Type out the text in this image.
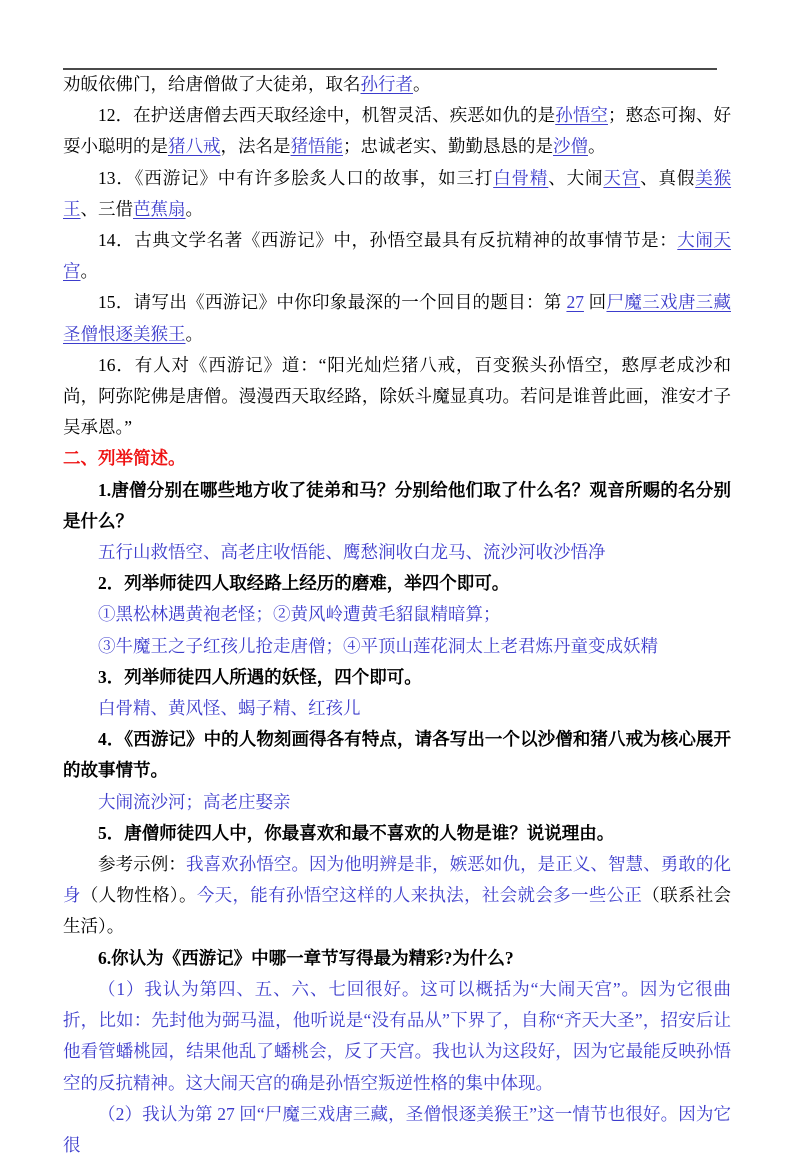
劝皈依佛门，给唐僧做了大徒弟，取名孙行者。

12．在护送唐僧去西天取经途中，机智灵活、疾恶如仇的是孙悟空；憨态可掬、好耍小聪明的是猪八戒，法名是猪悟能；忠诚老实、勤勤恳恳的是沙僧。

13．《西游记》中有许多脍炙人口的故事，如三打白骨精、大闹天宫、真假美猴王、三借芭蕉扇。

14．古典文学名著《西游记》中，孙悟空最具有反抗精神的故事情节是：大闹天宫。

15．请写出《西游记》中你印象最深的一个回目的题目：第 27 回尸魔三戏唐三藏圣僧恨逐美猴王。

16．有人对《西游记》道：“阳光灿烂猪八戒，百变猴头孙悟空，憨厚老成沙和尚，阿弥陀佛是唐僧。漫漫西天取经路，除妖斗魔显真功。若问是谁普此画，淮安才子吴承恩。”

二、列举简述。

1.唐僧分别在哪些地方收了徒弟和马？分别给他们取了什么名？观音所赐的名分别是什么？

五行山救悟空、高老庄收悟能、鹰愁涧收白龙马、流沙河收沙悟净

2．列举师徒四人取经路上经历的磨难，举四个即可。

①黑松林遇黄袍老怪；②黄风岭遭黄毛貂鼠精暗算；

③牛魔王之子红孩儿抢走唐僧；④平顶山莲花洞太上老君炼丹童变成妖精

3．列举师徒四人所遇的妖怪，四个即可。

白骨精、黄风怪、蝎子精、红孩儿

4．《西游记》中的人物刻画得各有特点，请各写出一个以沙僧和猪八戒为核心展开的故事情节。

大闹流沙河；高老庄娶亲

5．唐僧师徒四人中，你最喜欢和最不喜欢的人物是谁？说说理由。

参考示例：我喜欢孙悟空。因为他明辨是非，嫉恶如仇，是正义、智慧、勇敢的化身（人物性格）。今天，能有孙悟空这样的人来执法，社会就会多一些公正（联系社会生活）。

6.你认为《西游记》中哪一章节写得最为精彩?为什么?

（1）我认为第四、五、六、七回很好。这可以概括为“大闹天宫”。因为它很曲折，比如：先封他为弼马温，他听说是“没有品从”下界了，自称“齐天大圣”，招安后让他看管蟠桃园，结果他乱了蟠桃会，反了天宫。我也认为这段好，因为它最能反映孙悟空的反抗精神。这大闹天宫的确是孙悟空叛逆性格的集中体现。

（2）我认为第 27 回“尸魔三戏唐三藏，圣僧恨逐美猴王”这一情节也很好。因为它很
